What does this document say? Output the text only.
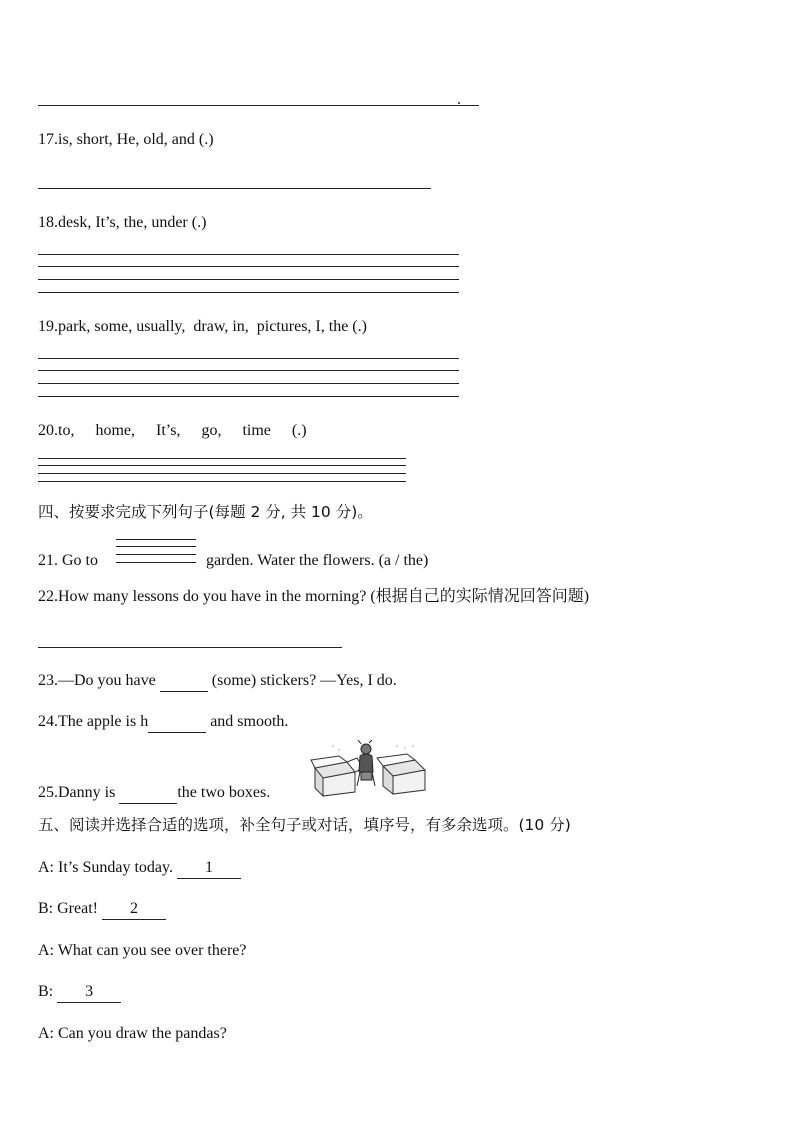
.
17.is, short, He, old, and (.)
18.desk, It’s, the, under (.)
19.park, some, usually,  draw, in,  pictures, I, the (.)
20.to, home, It’s, go, time (.)
四、按要求完成下列句子(每题 2 分, 共 10 分)。
21. Go to	garden. Water the flowers. (a / the)
22.How many lessons do you have in the morning? (根据自己的实际情况回答问题)
23.—Do you have	(some) stickers? —Yes, I do.
24.The apple is h	and smooth.
25.Danny is	the two boxes.
五、阅读并选择合适的选项，补全句子或对话，填序号，有多余选项。(10 分)
A: It’s Sunday today. 1
B: Great! 2
A: What can you see over there?
B: 3
A: Can you draw the pandas?
